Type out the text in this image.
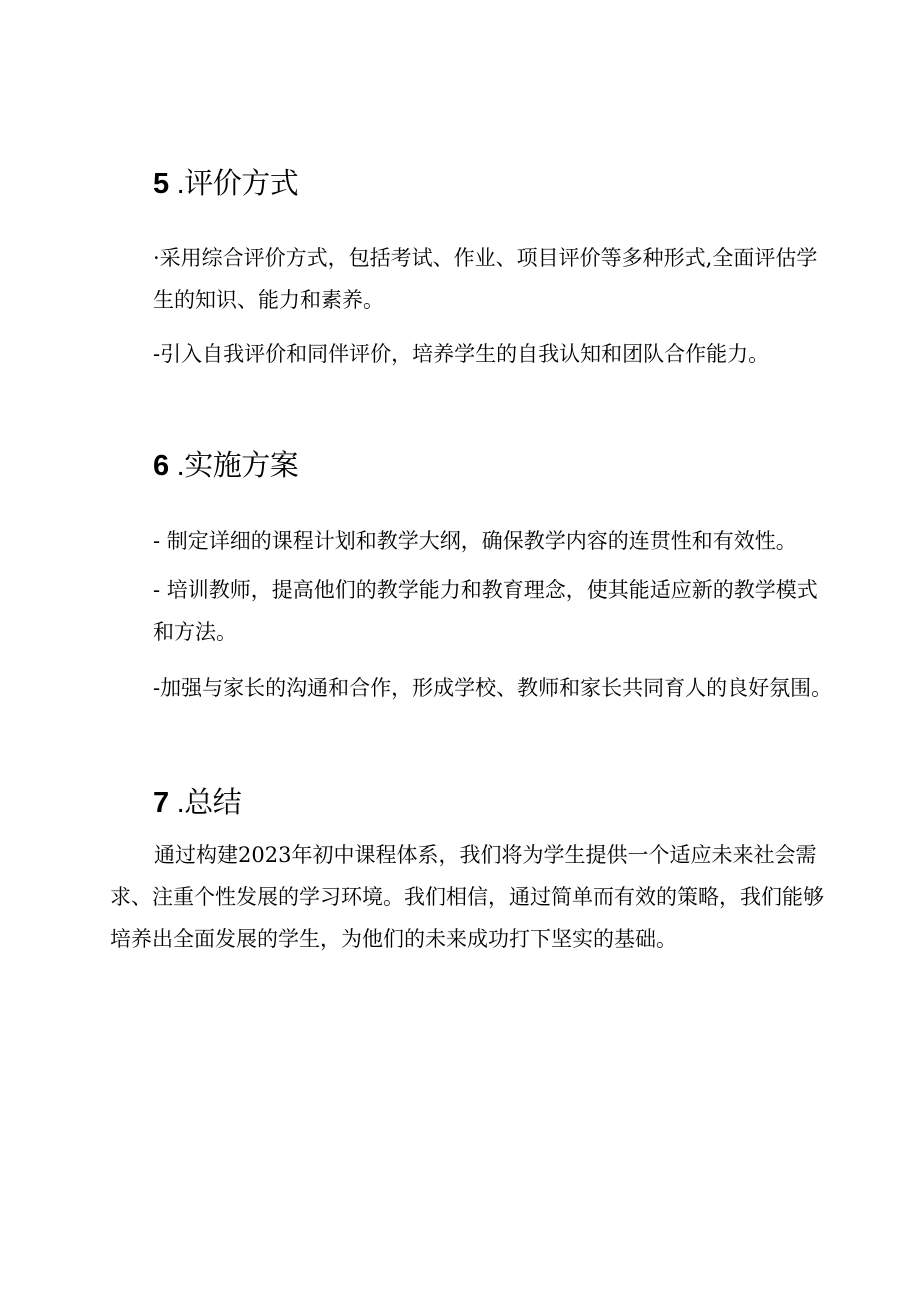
5 .评价方式

·采用综合评价方式，包括考试、作业、项目评价等多种形式,全面评估学生的知识、能力和素养。

-引入自我评价和同伴评价，培养学生的自我认知和团队合作能力。

6 .实施方案

- 制定详细的课程计划和教学大纲，确保教学内容的连贯性和有效性。

- 培训教师，提高他们的教学能力和教育理念，使其能适应新的教学模式和方法。

-加强与家长的沟通和合作，形成学校、教师和家长共同育人的良好氛围。

7 .总结

通过构建2023年初中课程体系，我们将为学生提供一个适应未来社会需求、注重个性发展的学习环境。我们相信，通过简单而有效的策略，我们能够培养出全面发展的学生，为他们的未来成功打下坚实的基础。
